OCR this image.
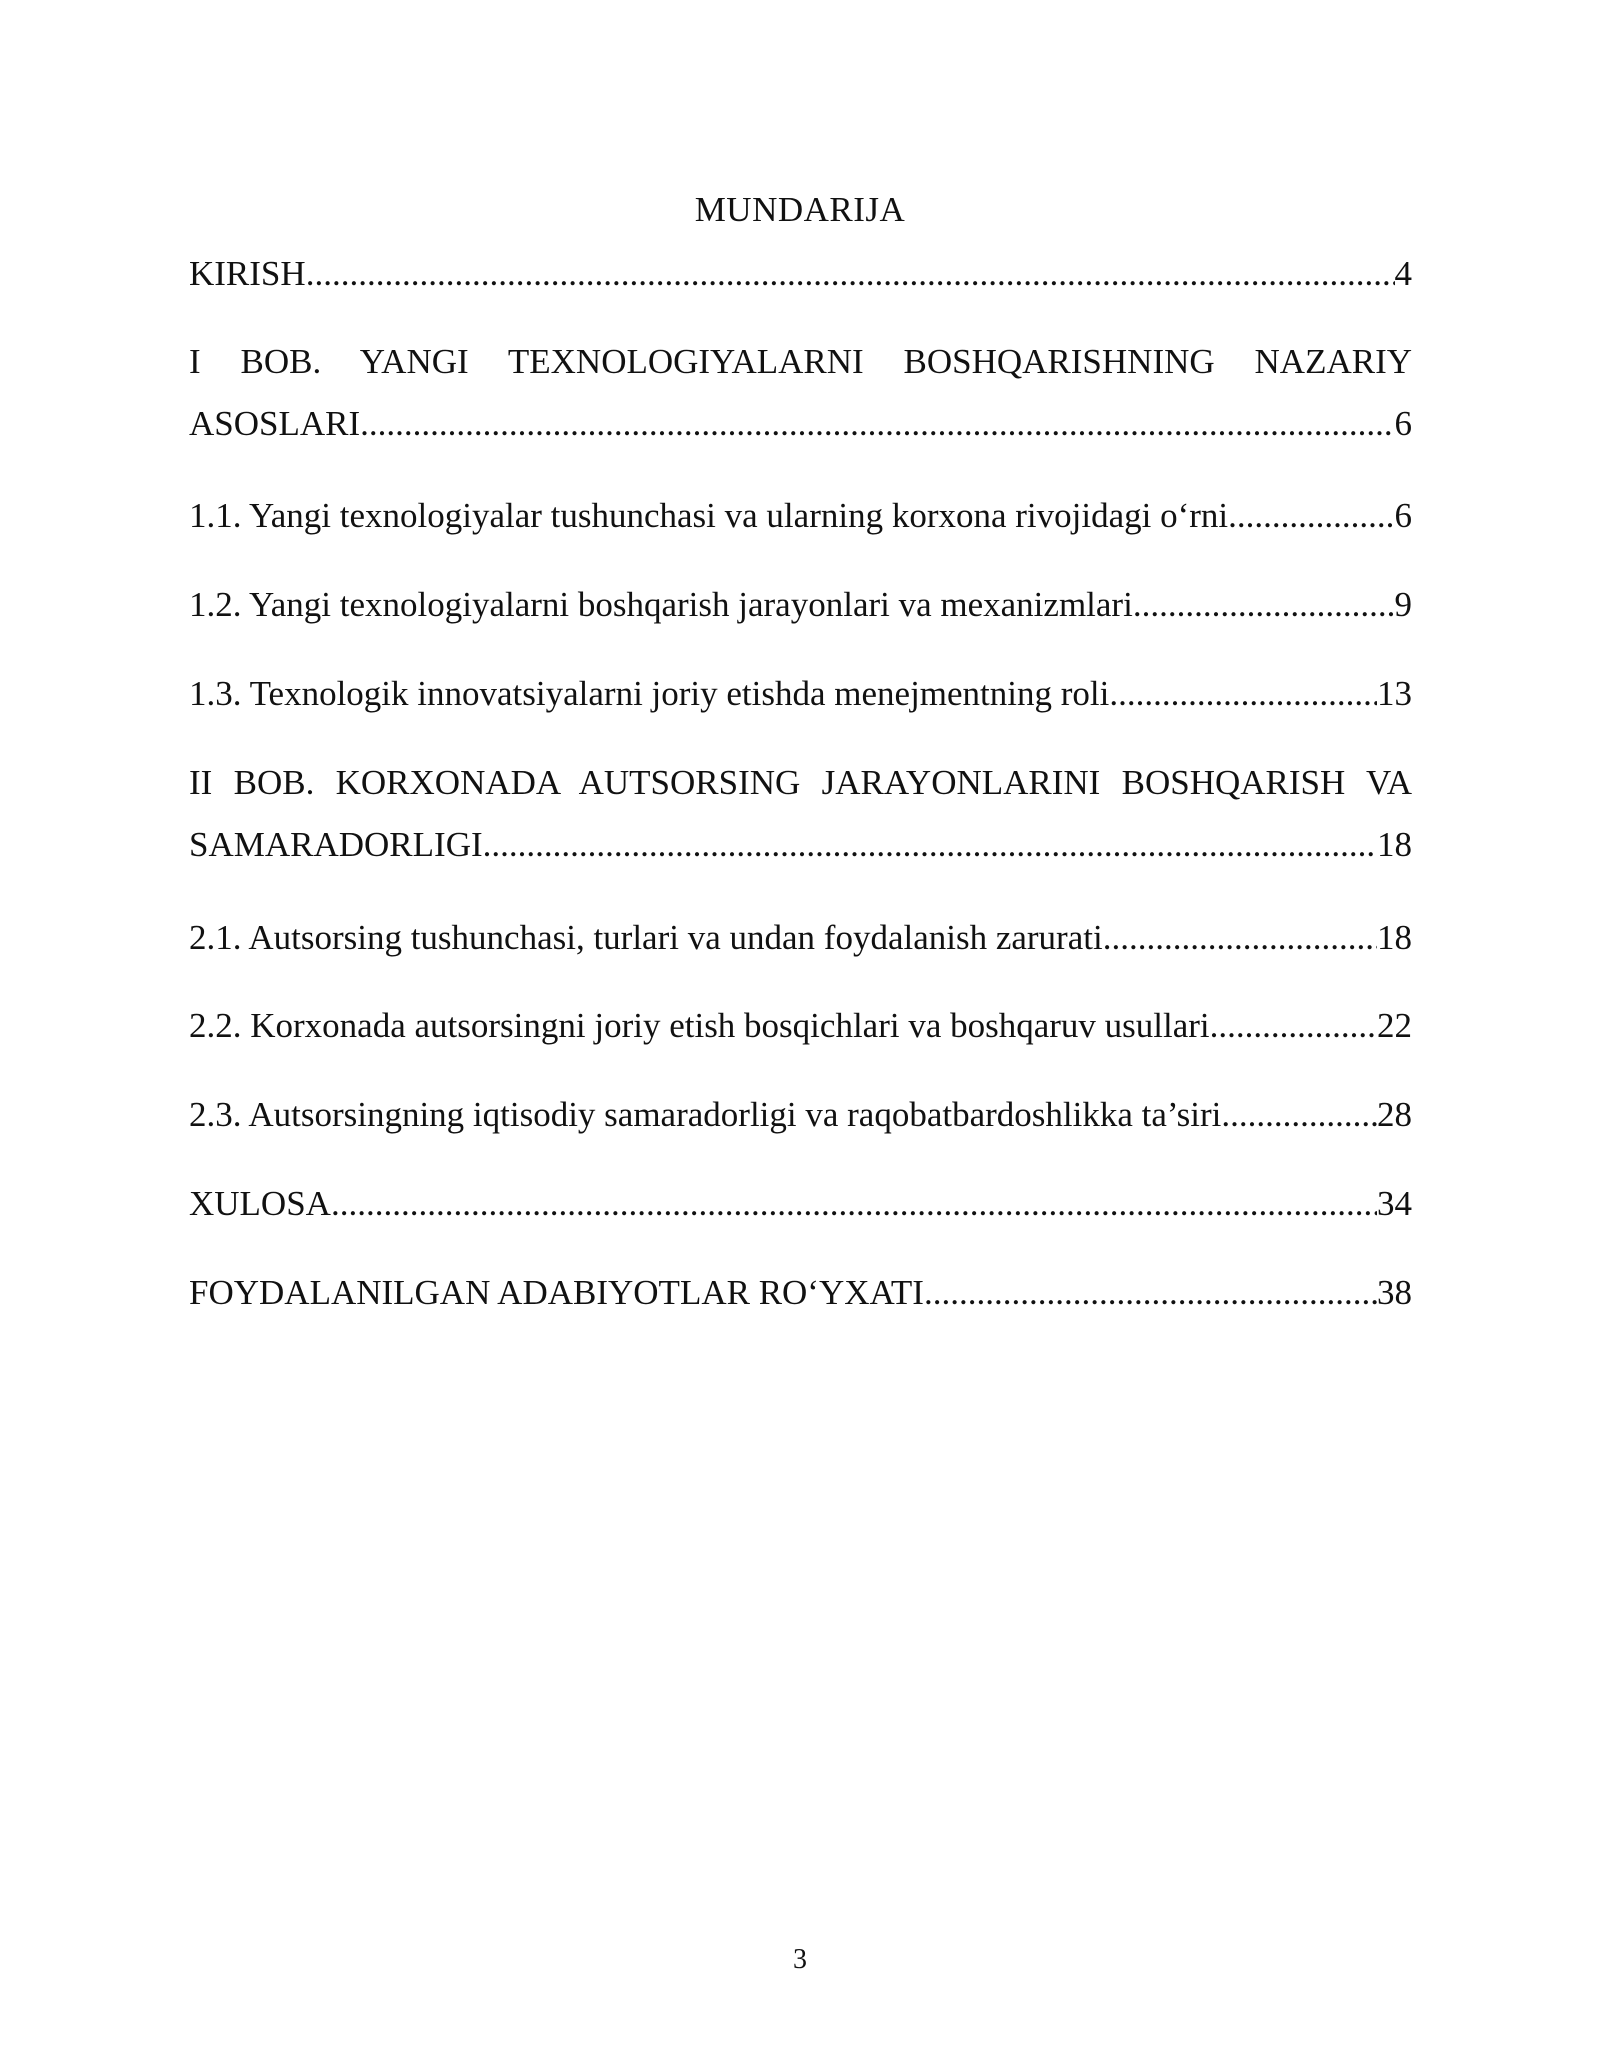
MUNDARIJA
KIRISH .....	4
I BOB. YANGI TEXNOLOGIYALARNI BOSHQARISHNING NAZARIY
ASOSLARI .....	6
1.1. Yangi texnologiyalar tushunchasi va ularning korxona rivojidagi o‘rni .....	6
1.2. Yangi texnologiyalarni boshqarish jarayonlari va mexanizmlari .....	9
1.3. Texnologik innovatsiyalarni joriy etishda menejmentning roli .....	13
II BOB. KORXONADA AUTSORSING JARAYONLARINI BOSHQARISH VA
SAMARADORLIGI .....	18
2.1. Autsorsing tushunchasi, turlari va undan foydalanish zarurati .....	18
2.2. Korxonada autsorsingni joriy etish bosqichlari va boshqaruv usullari .....	22
2.3. Autsorsingning iqtisodiy samaradorligi va raqobatbardoshlikka ta’siri .....	28
XULOSA .....	34
FOYDALANILGAN ADABIYOTLAR RO‘YXATI .....	38
3
